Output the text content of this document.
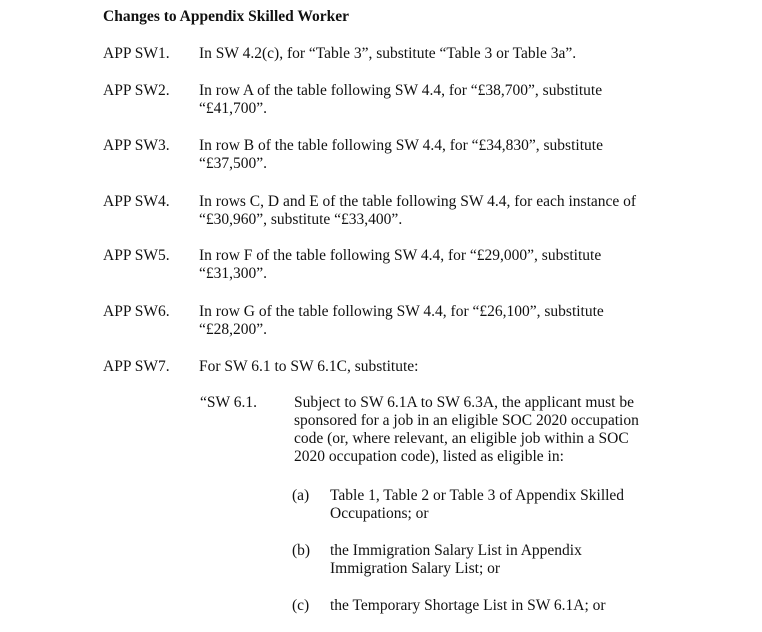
Changes to Appendix Skilled Worker
APP SW1. In SW 4.2(c), for “Table 3”, substitute “Table 3 or Table 3a”.
APP SW2. In row A of the table following SW 4.4, for “£38,700”, substitute “£41,700”.
APP SW3. In row B of the table following SW 4.4, for “£34,830”, substitute “£37,500”.
APP SW4. In rows C, D and E of the table following SW 4.4, for each instance of “£30,960”, substitute “£33,400”.
APP SW5. In row F of the table following SW 4.4, for “£29,000”, substitute “£31,300”.
APP SW6. In row G of the table following SW 4.4, for “£26,100”, substitute “£28,200”.
APP SW7. For SW 6.1 to SW 6.1C, substitute:
“SW 6.1. Subject to SW 6.1A to SW 6.3A, the applicant must be sponsored for a job in an eligible SOC 2020 occupation code (or, where relevant, an eligible job within a SOC 2020 occupation code), listed as eligible in:
(a) Table 1, Table 2 or Table 3 of Appendix Skilled Occupations; or
(b) the Immigration Salary List in Appendix Immigration Salary List; or
(c) the Temporary Shortage List in SW 6.1A; or
